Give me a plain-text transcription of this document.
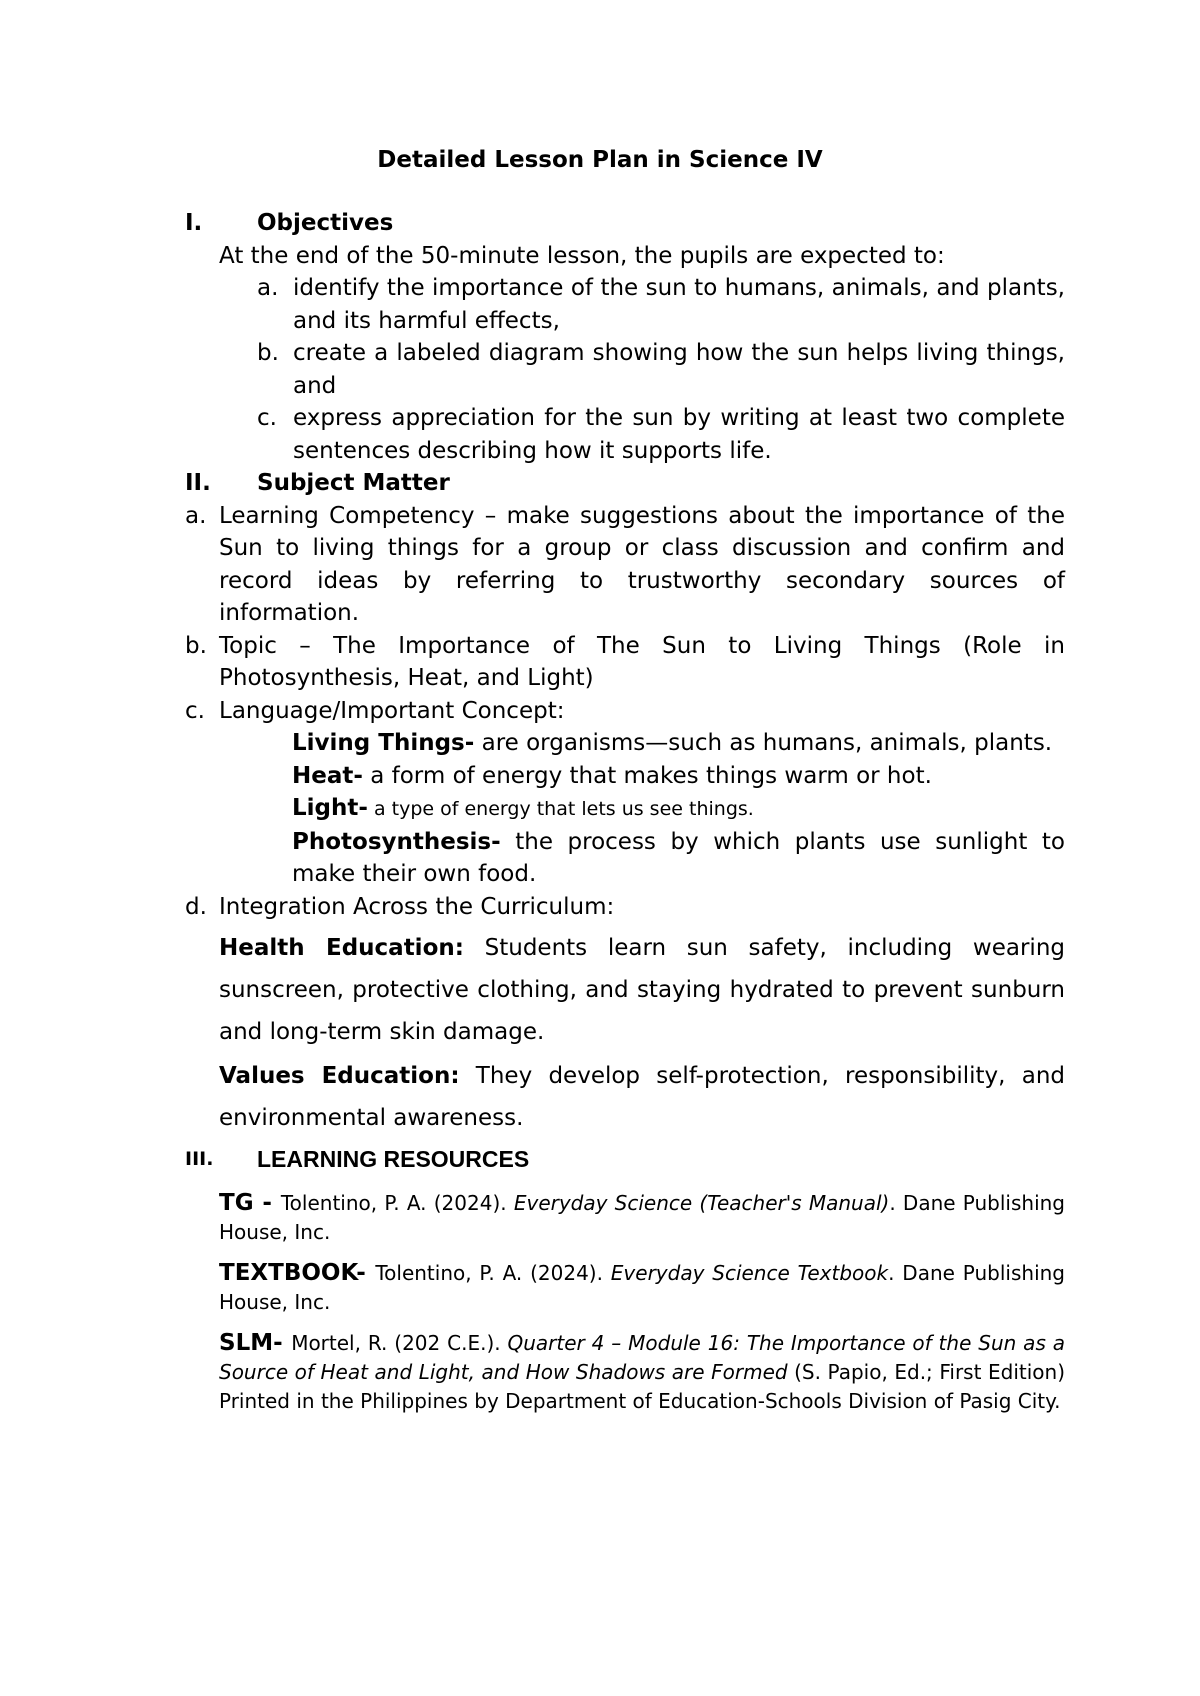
Detailed Lesson Plan in Science IV
I.	Objectives
At the end of the 50-minute lesson, the pupils are expected to:
a. identify the importance of the sun to humans, animals, and plants, and its harmful effects,
b. create a labeled diagram showing how the sun helps living things, and
c. express appreciation for the sun by writing at least two complete sentences describing how it supports life.
II.	Subject Matter
a. Learning Competency – make suggestions about the importance of the Sun to living things for a group or class discussion and confirm and record ideas by referring to trustworthy secondary sources of information.
b. Topic – The Importance of The Sun to Living Things (Role in Photosynthesis, Heat, and Light)
c. Language/Important Concept:
Living Things- are organisms—such as humans, animals, plants.
Heat- a form of energy that makes things warm or hot.
Light- a type of energy that lets us see things.
Photosynthesis- the process by which plants use sunlight to make their own food.
d. Integration Across the Curriculum:

Health Education: Students learn sun safety, including wearing sunscreen, protective clothing, and staying hydrated to prevent sunburn and long-term skin damage.

Values Education: They develop self-protection, responsibility, and environmental awareness.

III.	LEARNING RESOURCES

TG - Tolentino, P. A. (2024). Everyday Science (Teacher's Manual). Dane Publishing House, Inc.

TEXTBOOK- Tolentino, P. A. (2024). Everyday Science Textbook. Dane Publishing House, Inc.

SLM- Mortel, R. (202 C.E.). Quarter 4 – Module 16: The Importance of the Sun as a Source of Heat and Light, and How Shadows are Formed (S. Papio, Ed.; First Edition) Printed in the Philippines by Department of Education-Schools Division of Pasig City.
